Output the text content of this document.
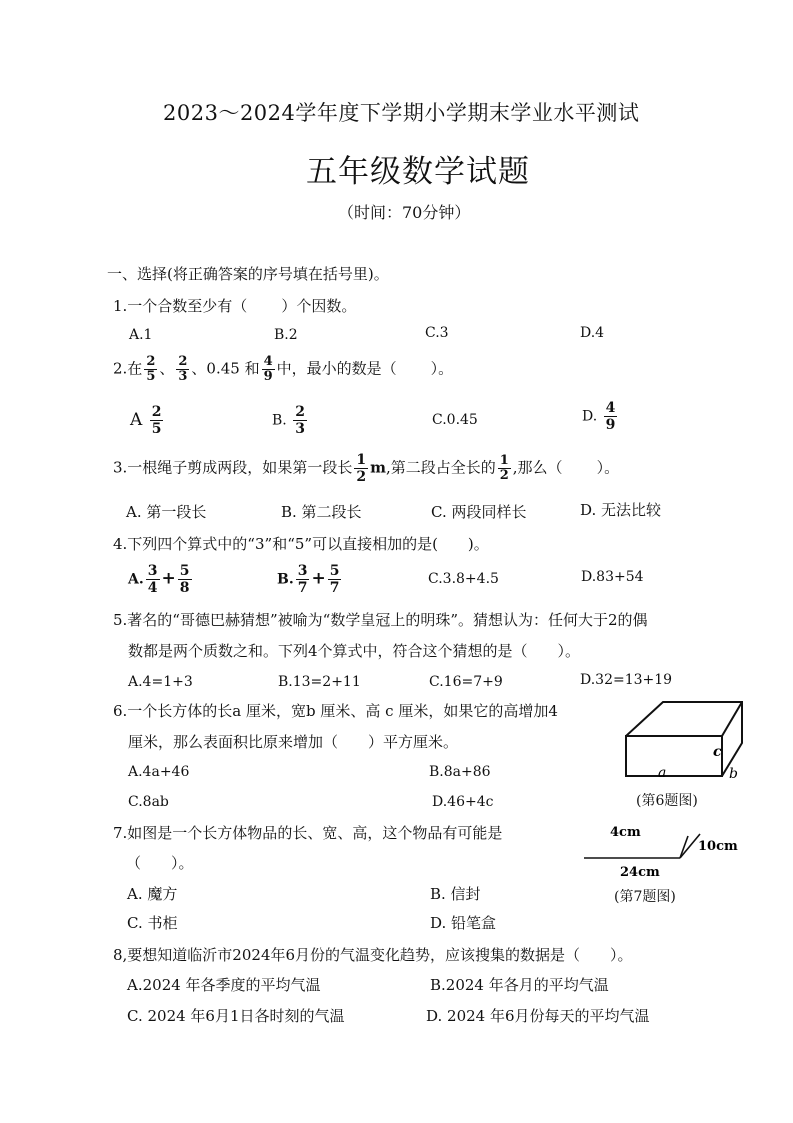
2023～2024学年度下学期小学期末学业水平测试
五年级数学试题
（时间：70分钟）
一、选择(将正确答案的序号填在括号里)。
1.一个合数至少有（ ）个因数。
A.1	B.2	C.3	D.4
2.在 $\frac{2}{5}$ 、 $\frac{2}{3}$ 、0.45 和 $\frac{4}{9}$ 中，最小的数是（ ）。
A $\frac{2}{5}$	B. $\frac{2}{3}$	C.0.45	D. $\frac{4}{9}$
3.一根绳子剪成两段，如果第一段长 $\frac{1}{2} m$,第二段占全长的 $\frac{1}{2}$ ,那么（ ）。
A. 第一段长	B. 第二段长	C. 两段同样长	D. 无法比较
4.下列四个算式中的“3”和“5”可以直接相加的是(　　)。
A. $\frac{3}{4} + \frac{5}{8}$	B. $\frac{3}{7} + \frac{5}{7}$	C.3.8+4.5	D.83+54
5.著名的“哥德巴赫猜想”被喻为“数学皇冠上的明珠”。猜想认为：任何大于2的偶
数都是两个质数之和。下列4个算式中，符合这个猜想的是（　　）。
A.4=1+3	B.13=2+11	C.16=7+9	D.32=13+19
6.一个长方体的长a 厘米，宽b 厘米、高 c 厘米，如果它的高增加4
厘米，那么表面积比原来增加（　　）平方厘米。
A.4a+46	B.8a+86
C.8ab	D.46+4c
a	b
c
(第6题图)
7.如图是一个长方体物品的长、宽、高，这个物品有可能是
（　　）。
A. 魔方	B. 信封
C. 书柜	D. 铅笔盒
4cm
10cm
24cm
(第7题图)
8,要想知道临沂市2024年6月份的气温变化趋势，应该搜集的数据是（　　）。
A.2024 年各季度的平均气温	B.2024 年各月的平均气温
C. 2024 年6月1日各时刻的气温	D. 2024 年6月份每天的平均气温
